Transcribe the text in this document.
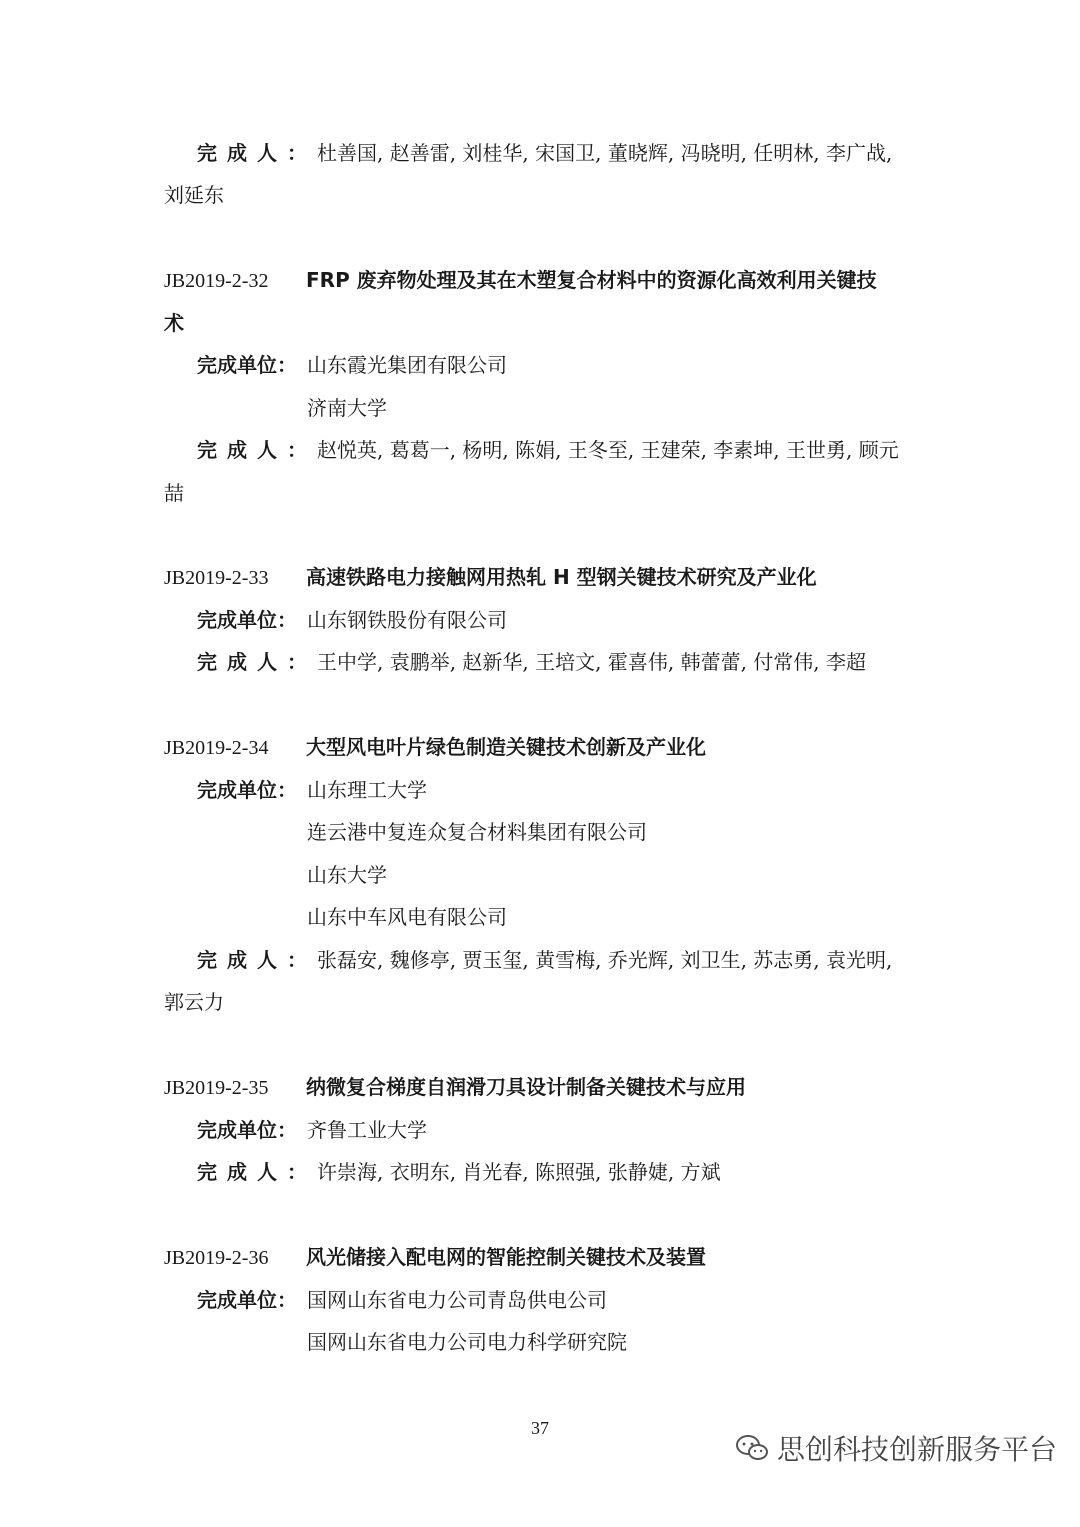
完成人：杜善国, 赵善雷, 刘桂华, 宋国卫, 董晓辉, 冯晓明, 任明林, 李广战,
刘延东
JB2019-2-32 FRP 废弃物处理及其在木塑复合材料中的资源化高效利用关键技
术
完成单位： 山东霞光集团有限公司
济南大学
完成人：赵悦英, 葛葛一, 杨明, 陈娟, 王冬至, 王建荣, 李素坤, 王世勇, 顾元
喆
JB2019-2-33 高速铁路电力接触网用热轧 H 型钢关键技术研究及产业化
完成单位： 山东钢铁股份有限公司
完成人：王中学, 袁鹏举, 赵新华, 王培文, 霍喜伟, 韩蕾蕾, 付常伟, 李超
JB2019-2-34 大型风电叶片绿色制造关键技术创新及产业化
完成单位： 山东理工大学
连云港中复连众复合材料集团有限公司
山东大学
山东中车风电有限公司
完成人：张磊安, 魏修亭, 贾玉玺, 黄雪梅, 乔光辉, 刘卫生, 苏志勇, 袁光明,
郭云力
JB2019-2-35 纳微复合梯度自润滑刀具设计制备关键技术与应用
完成单位： 齐鲁工业大学
完成人：许崇海, 衣明东, 肖光春, 陈照强, 张静婕, 方斌
JB2019-2-36 风光储接入配电网的智能控制关键技术及装置
完成单位： 国网山东省电力公司青岛供电公司
国网山东省电力公司电力科学研究院
37
思创科技创新服务平台
